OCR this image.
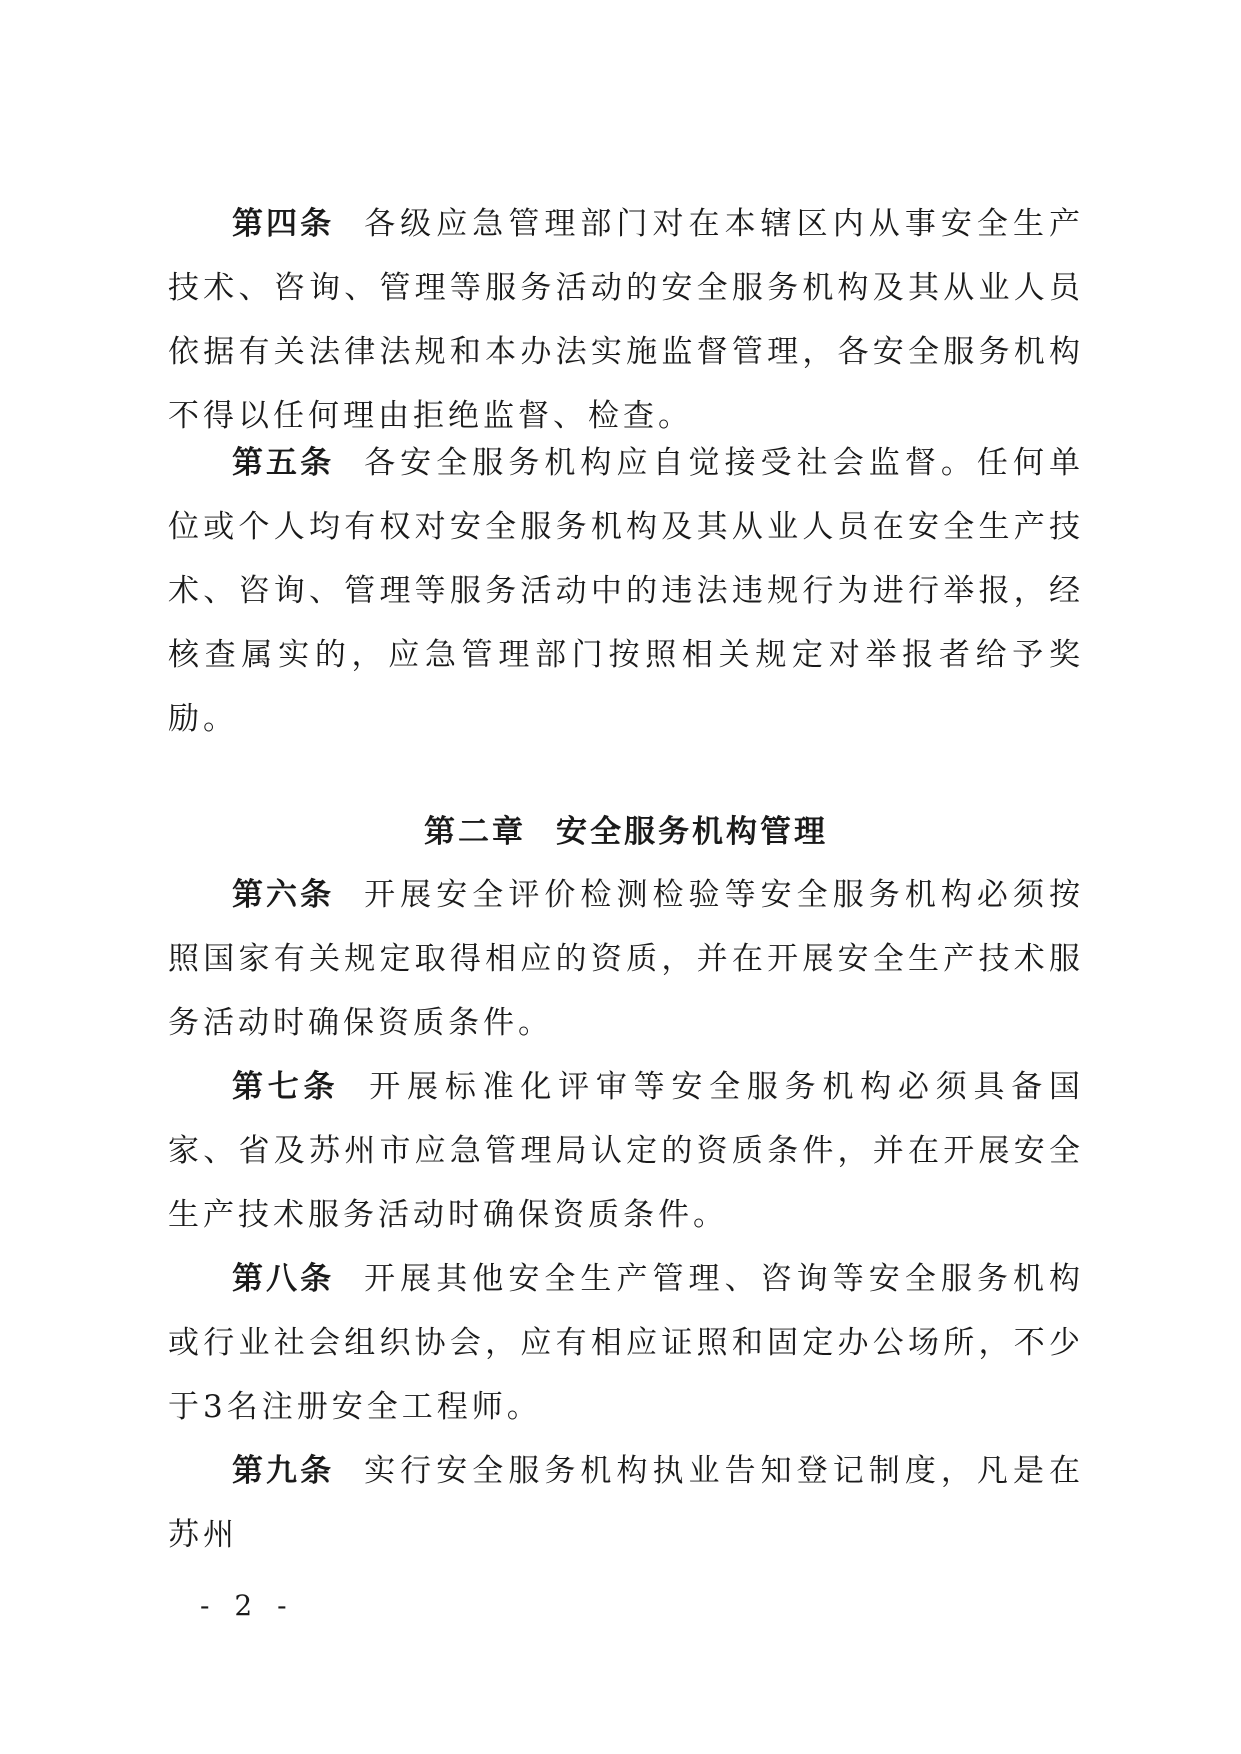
第四条 各级应急管理部门对在本辖区内从事安全生产技术、咨询、管理等服务活动的安全服务机构及其从业人员依据有关法律法规和本办法实施监督管理，各安全服务机构不得以任何理由拒绝监督、检查。

第五条 各安全服务机构应自觉接受社会监督。任何单位或个人均有权对安全服务机构及其从业人员在安全生产技术、咨询、管理等服务活动中的违法违规行为进行举报，经核查属实的，应急管理部门按照相关规定对举报者给予奖励。

第二章 安全服务机构管理

第六条 开展安全评价检测检验等安全服务机构必须按照国家有关规定取得相应的资质，并在开展安全生产技术服务活动时确保资质条件。

第七条 开展标准化评审等安全服务机构必须具备国家、省及苏州市应急管理局认定的资质条件，并在开展安全生产技术服务活动时确保资质条件。

第八条 开展其他安全生产管理、咨询等安全服务机构或行业社会组织协会，应有相应证照和固定办公场所，不少于3名注册安全工程师。

第九条 实行安全服务机构执业告知登记制度，凡是在苏州

- 2 -
